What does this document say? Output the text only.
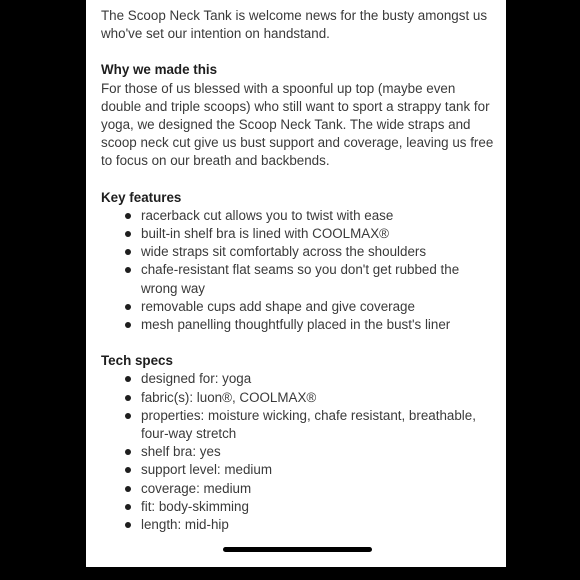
The Scoop Neck Tank is welcome news for the busty amongst us who've set our intention on handstand.

Why we made this

For those of us blessed with a spoonful up top (maybe even double and triple scoops) who still want to sport a strappy tank for yoga, we designed the Scoop Neck Tank. The wide straps and scoop neck cut give us bust support and coverage, leaving us free to focus on our breath and backbends.

Key features

racerback cut allows you to twist with ease
built-in shelf bra is lined with COOLMAX®
wide straps sit comfortably across the shoulders
chafe-resistant flat seams so you don't get rubbed the wrong way
removable cups add shape and give coverage
mesh panelling thoughtfully placed in the bust's liner

Tech specs

designed for: yoga
fabric(s): luon®, COOLMAX®
properties: moisture wicking, chafe resistant, breathable, four-way stretch
shelf bra: yes
support level: medium
coverage: medium
fit: body-skimming
length: mid-hip
